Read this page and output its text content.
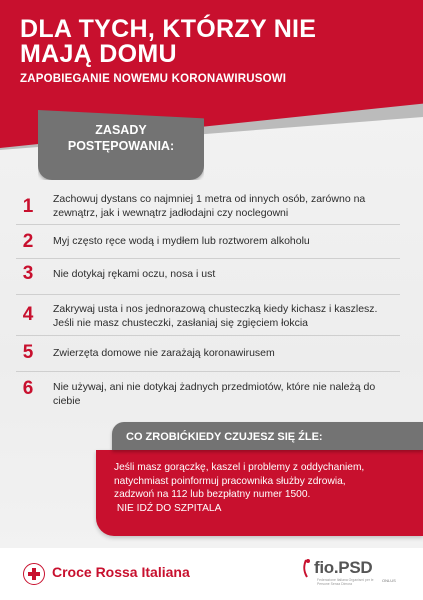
DLA TYCH, KTÓRZY NIE
MAJĄ DOMU
ZAPOBIEGANIE NOWEMU KORONAWIRUSOWI
ZASADY
POSTĘPOWANIA:
1	Zachowuj dystans co najmniej 1 metra od innych osób, zarówno na
zewnątrz, jak i wewnątrz jadłodajni czy noclegowni
2	Myj często ręce wodą i mydłem lub roztworem alkoholu
3	Nie dotykaj rękami oczu, nosa i ust
4	Zakrywaj usta i nos jednorazową chusteczką kiedy kichasz i kaszlesz.
Jeśli nie masz chusteczki, zasłaniaj się zgięciem łokcia
5	Zwierzęta domowe nie zarażają koronawirusem
6	Nie używaj, ani nie dotykaj żadnych przedmiotów, które nie należą do
ciebie
CO ZROBIĆKIEDY CZUJESZ SIĘ ŹLE:
Jeśli masz gorączkę, kaszel i problemy z oddychaniem,
natychmiast poinformuj pracownika służby zdrowia,
zadzwoń na 112 lub bezpłatny numer 1500.
NIE IDŹ DO SZPITALA
Croce Rossa Italiana	fio.PSD
ONLUS
Federazione Italiana Organismi per le Persone Senza Dimora
